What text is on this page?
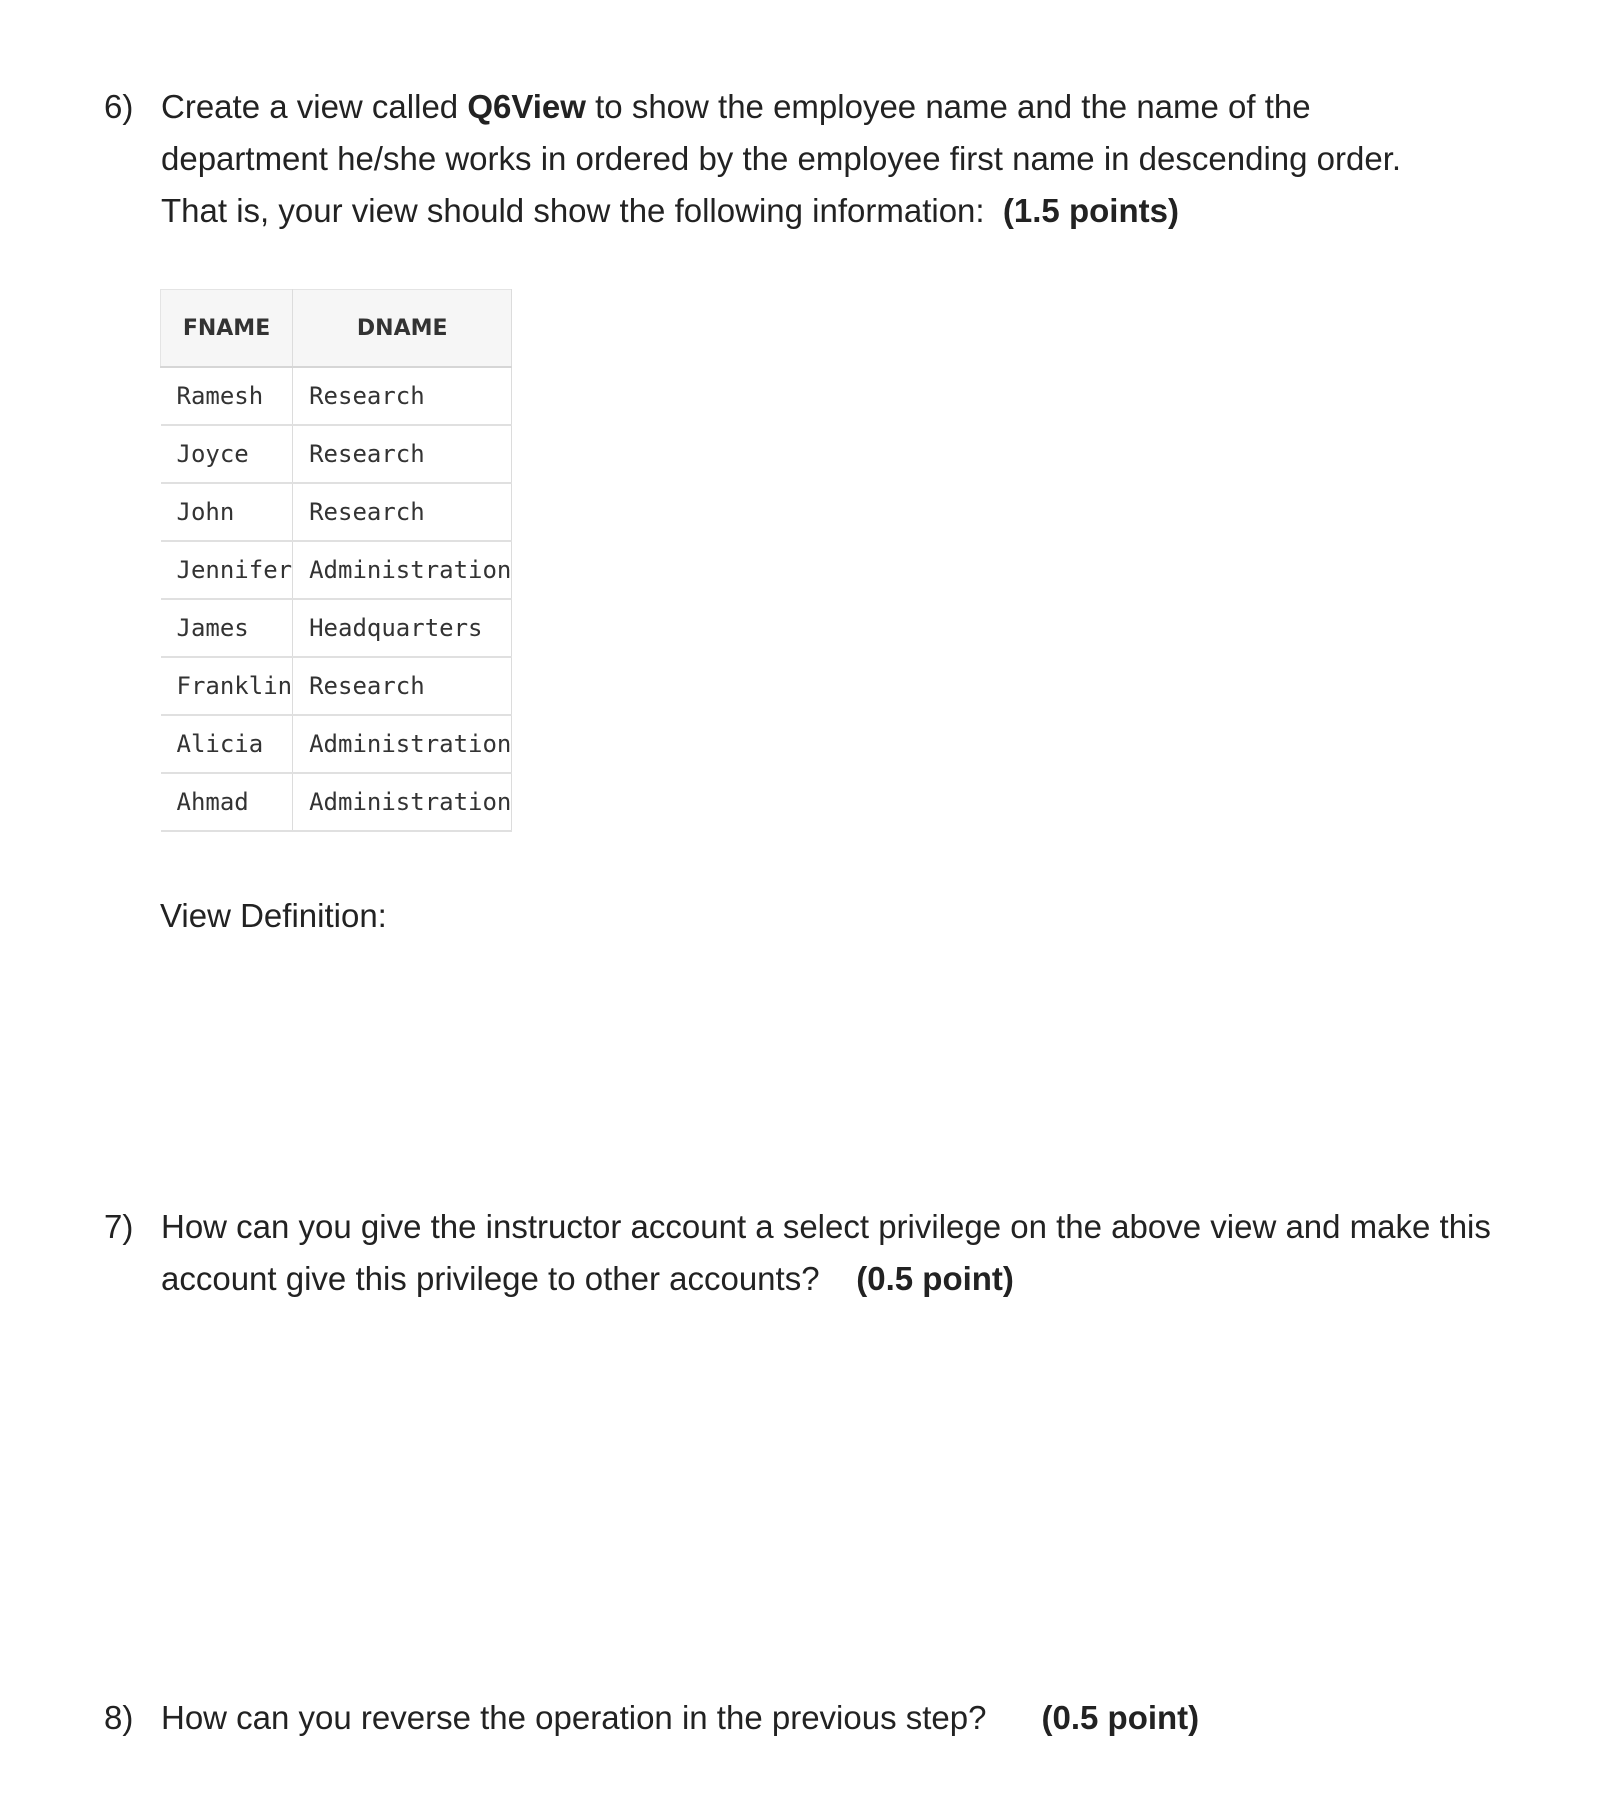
6) Create a view called Q6View to show the employee name and the name of the
department he/she works in ordered by the employee first name in descending order.
That is, your view should show the following information: (1.5 points)
FNAME	DNAME
Ramesh	Research
Joyce	Research
John	Research
Jennifer	Administration
James	Headquarters
Franklin	Research
Alicia	Administration
Ahmad	Administration
View Definition:
7) How can you give the instructor account a select privilege on the above view and make this
account give this privilege to other accounts? (0.5 point)
8) How can you reverse the operation in the previous step? (0.5 point)
